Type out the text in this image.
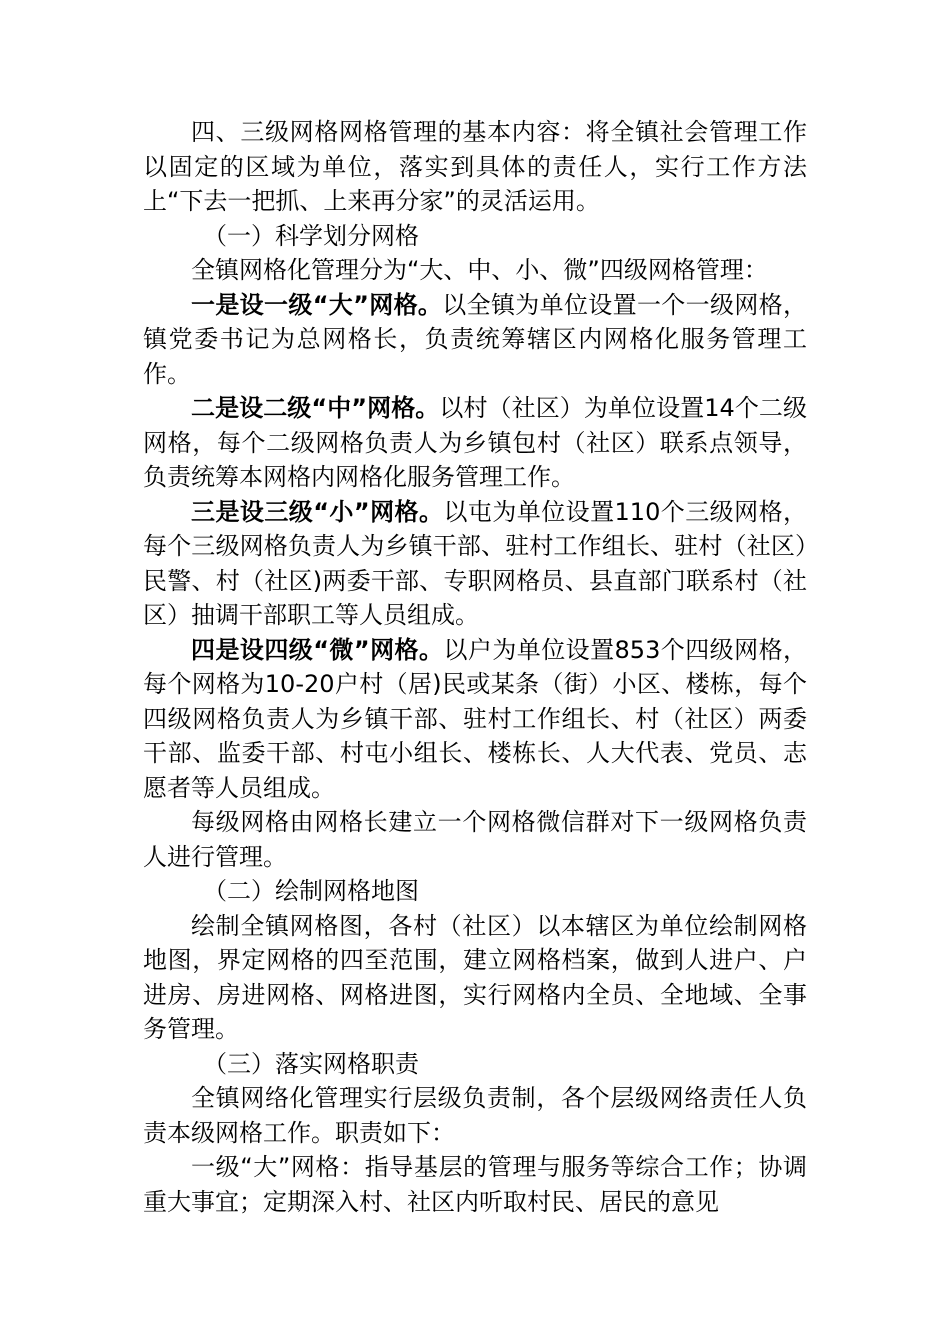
四、三级网格网格管理的基本内容：将全镇社会管理工作以固定的区域为单位，落实到具体的责任人，实行工作方法上“下去一把抓、上来再分家”的灵活运用。

（一）科学划分网格

全镇网格化管理分为“大、中、小、微”四级网格管理：

一是设一级“大”网格。以全镇为单位设置一个一级网格，镇党委书记为总网格长，负责统筹辖区内网格化服务管理工作。

二是设二级“中”网格。以村（社区）为单位设置14个二级网格，每个二级网格负责人为乡镇包村（社区）联系点领导，负责统筹本网格内网格化服务管理工作。

三是设三级“小”网格。以屯为单位设置110个三级网格，每个三级网格负责人为乡镇干部、驻村工作组长、驻村（社区）民警、村（社区)两委干部、专职网格员、县直部门联系村（社区）抽调干部职工等人员组成。

四是设四级“微”网格。以户为单位设置853个四级网格，每个网格为10-20户村（居)民或某条（街）小区、楼栋，每个四级网格负责人为乡镇干部、驻村工作组长、村（社区）两委干部、监委干部、村屯小组长、楼栋长、人大代表、党员、志愿者等人员组成。

每级网格由网格长建立一个网格微信群对下一级网格负责人进行管理。

（二）绘制网格地图

绘制全镇网格图，各村（社区）以本辖区为单位绘制网格地图，界定网格的四至范围，建立网格档案，做到人进户、户进房、房进网格、网格进图，实行网格内全员、全地域、全事务管理。

（三）落实网格职责

全镇网络化管理实行层级负责制，各个层级网络责任人负责本级网格工作。职责如下：

一级“大”网格：指导基层的管理与服务等综合工作；协调重大事宜；定期深入村、社区内听取村民、居民的意见
